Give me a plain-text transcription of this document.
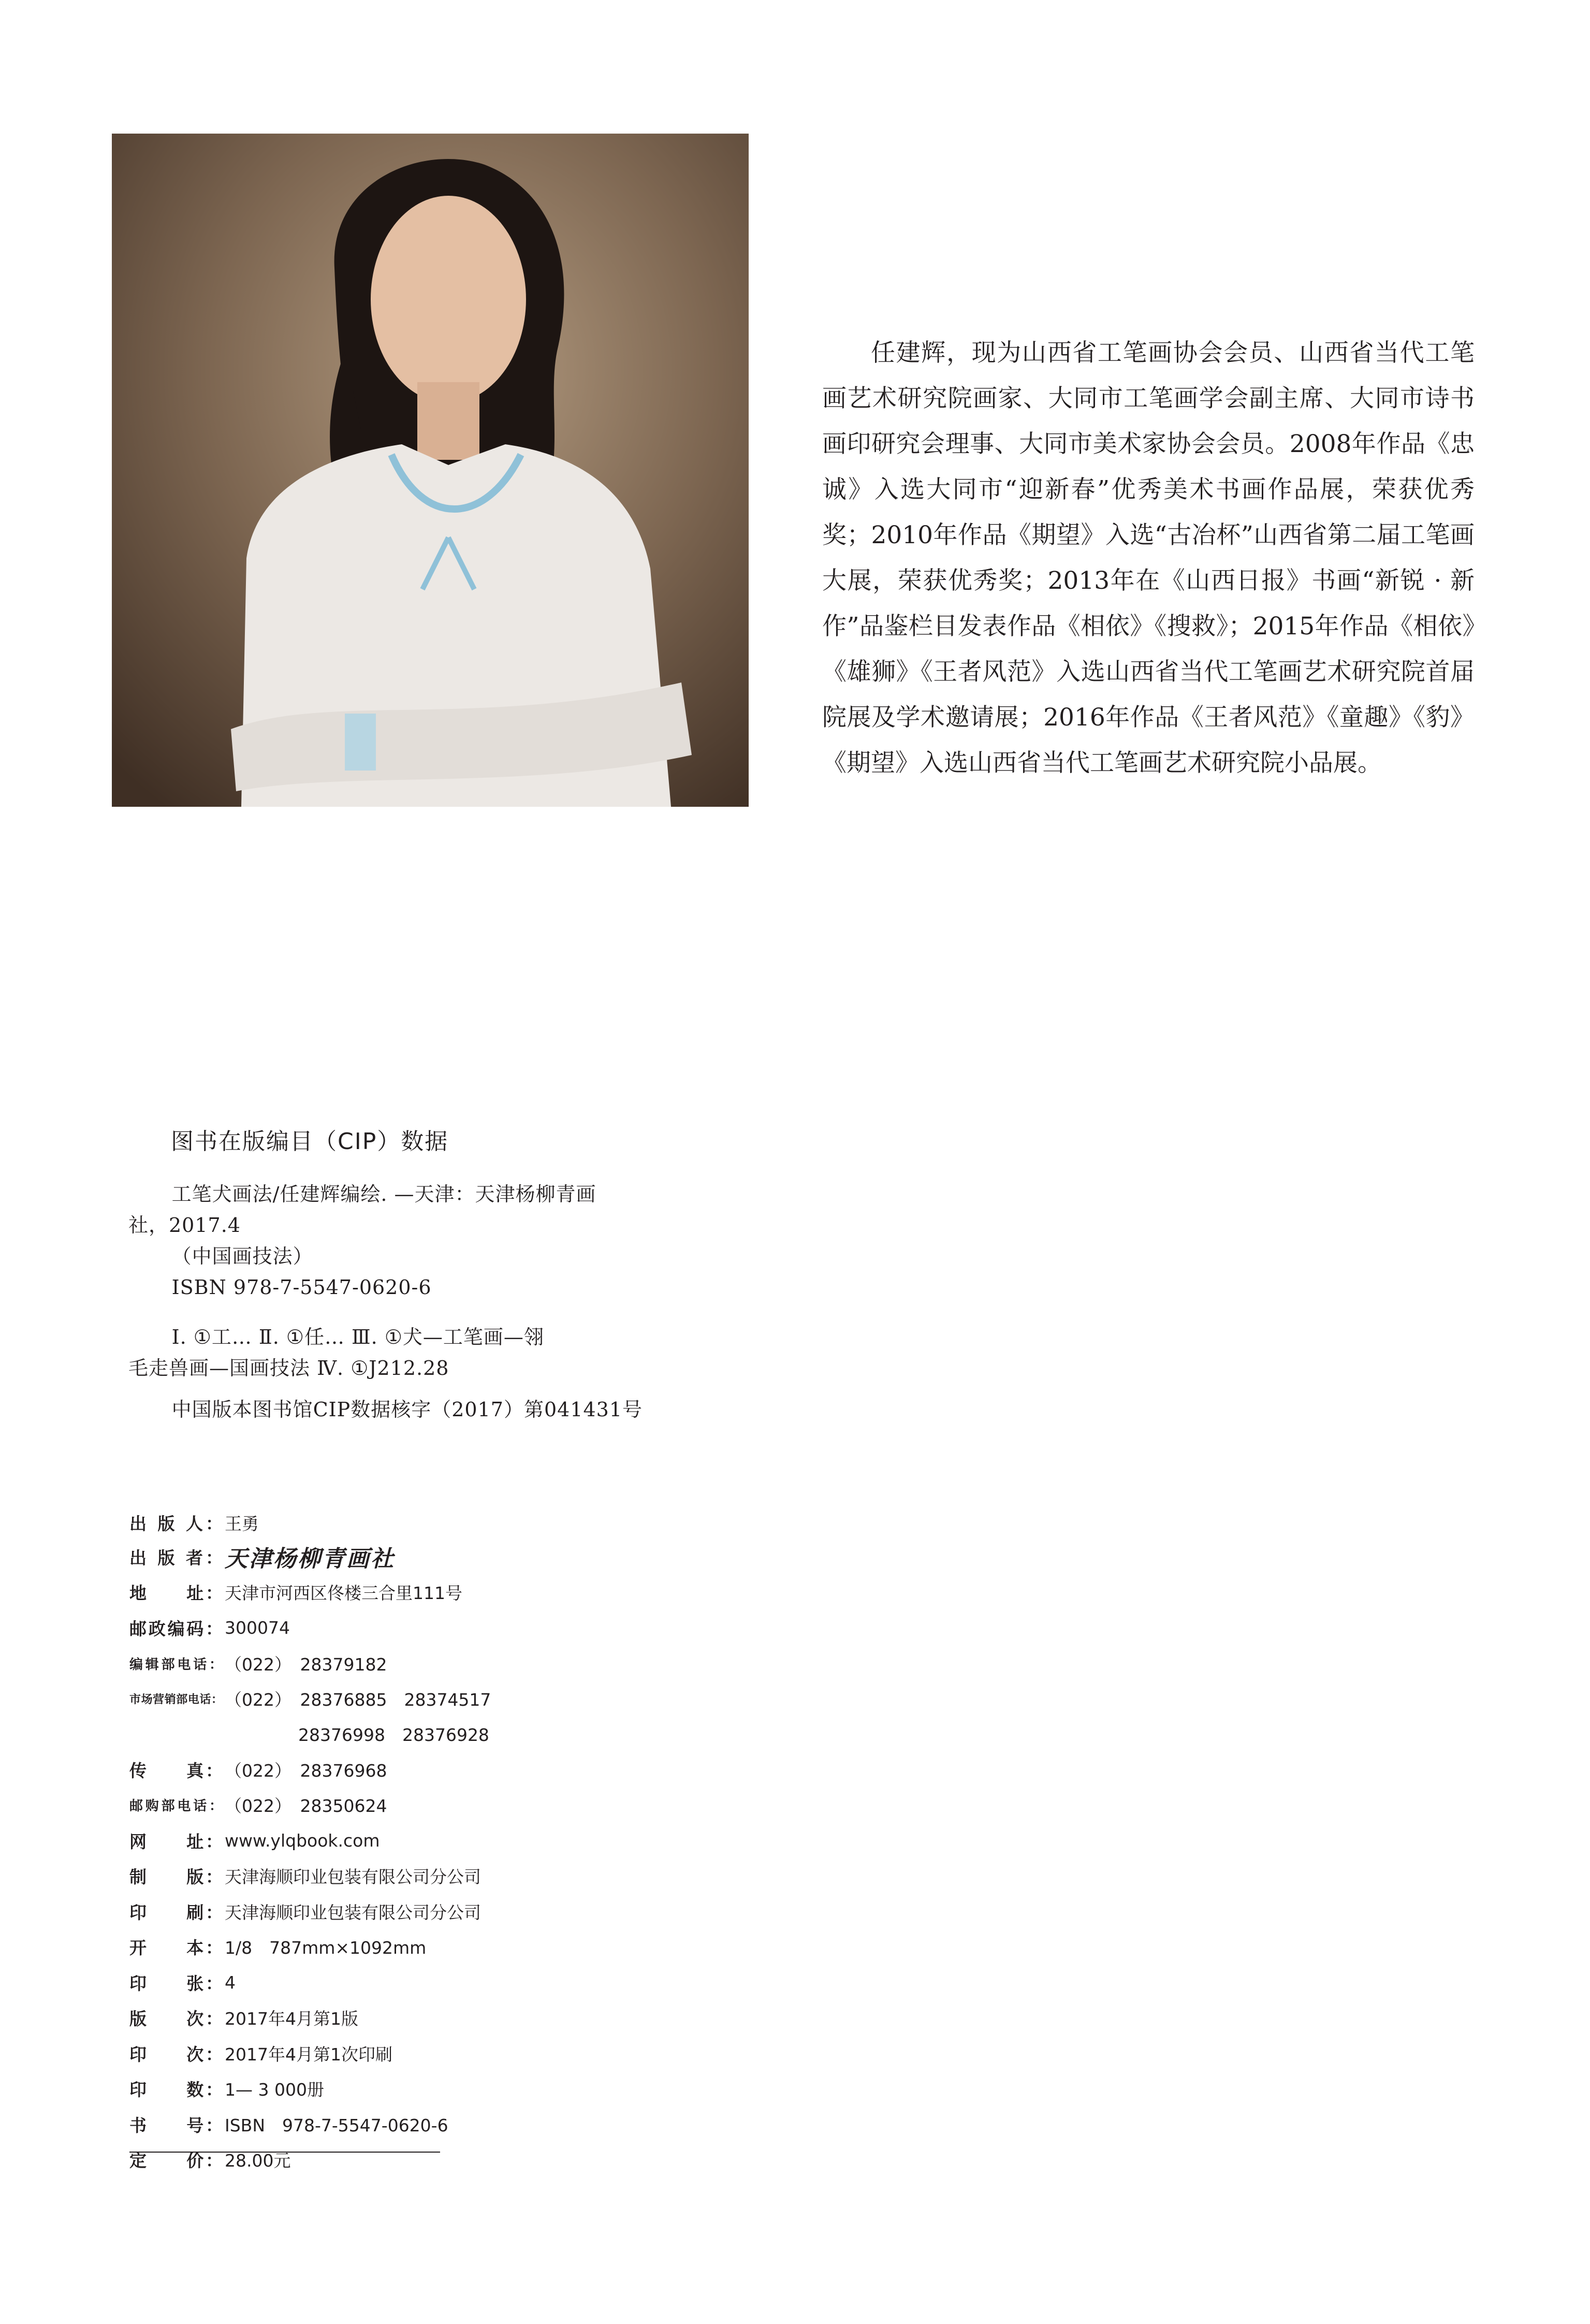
任建辉，现为山西省工笔画协会会员、山西省当代工笔画艺术研究院画家、大同市工笔画学会副主席、大同市诗书画印研究会理事、大同市美术家协会会员。2008年作品《忠诚》入选大同市“迎新春”优秀美术书画作品展，荣获优秀奖；2010年作品《期望》入选“古冶杯”山西省第二届工笔画大展，荣获优秀奖；2013年在《山西日报》书画“新锐 · 新作”品鉴栏目发表作品《相依》《搜救》；2015年作品《相依》《雄狮》《王者风范》入选山西省当代工笔画艺术研究院首届院展及学术邀请展；2016年作品《王者风范》《童趣》《豹》《期望》入选山西省当代工笔画艺术研究院小品展。

图书在版编目（CIP）数据

工笔犬画法/任建辉编绘. —天津：天津杨柳青画

社，2017.4

（中国画技法）

ISBN 978-7-5547-0620-6

Ⅰ. ①工… Ⅱ. ①任… Ⅲ. ①犬—工笔画—翎

毛走兽画—国画技法 Ⅳ. ①J212.28

中国版本图书馆CIP数据核字（2017）第041431号

出 版 人： 王勇
出 版 者： 天津杨柳青画社
地　　址： 天津市河西区佟楼三合里111号
邮政编码： 300074
编辑部电话： （022）　28379182
市场营销部电话： （022）　28376885　28374517
28376998　28376928
传　　真： （022）　28376968
邮购部电话： （022）　28350624
网　　址： www.ylqbook.com
制　　版： 天津海顺印业包装有限公司分公司
印　　刷： 天津海顺印业包装有限公司分公司
开　　本： 1/8　787mm×1092mm
印　　张： 4
版　　次： 2017年4月第1版
印　　次： 2017年4月第1次印刷
印　　数： 1— 3 000册
书　　号： ISBN　978-7-5547-0620-6
定　　价： 28.00元
